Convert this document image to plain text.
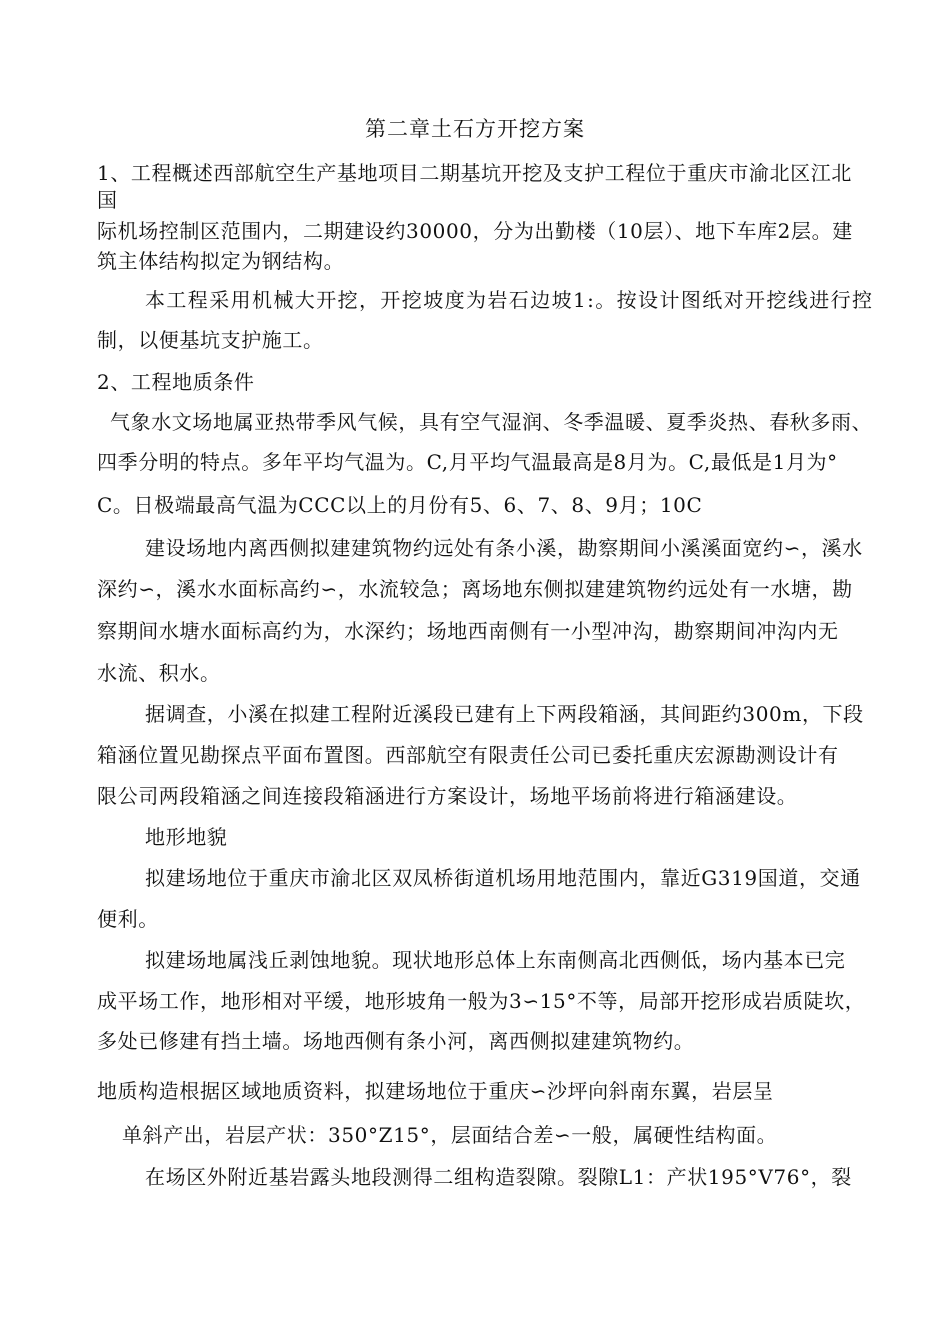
第二章土石方开挖方案
1、工程概述西部航空生产基地项目二期基坑开挖及支护工程位于重庆市渝北区江北
国
际机场控制区范围内，二期建设约30000，分为出勤楼（10层）、地下车库2层。建
筑主体结构拟定为钢结构。
本工程采用机械大开挖，开挖坡度为岩石边坡1:。按设计图纸对开挖线进行控
制，以便基坑支护施工。
2、工程地质条件
气象水文场地属亚热带季风气候，具有空气湿润、冬季温暖、夏季炎热、春秋多雨、
四季分明的特点。多年平均气温为。C,月平均气温最高是8月为。C,最低是1月为°
C。日极端最高气温为CCC以上的月份有5、6、7、8、9月；10C
建设场地内离西侧拟建建筑物约远处有条小溪，勘察期间小溪溪面宽约∽，溪水
深约∽，溪水水面标高约∽，水流较急；离场地东侧拟建建筑物约远处有一水塘，勘
察期间水塘水面标高约为，水深约；场地西南侧有一小型冲沟，勘察期间冲沟内无
水流、积水。
据调查，小溪在拟建工程附近溪段已建有上下两段箱涵，其间距约300m，下段
箱涵位置见勘探点平面布置图。西部航空有限责任公司已委托重庆宏源勘测设计有
限公司两段箱涵之间连接段箱涵进行方案设计，场地平场前将进行箱涵建设。
地形地貌
拟建场地位于重庆市渝北区双凤桥街道机场用地范围内，靠近G319国道，交通
便利。
拟建场地属浅丘剥蚀地貌。现状地形总体上东南侧高北西侧低，场内基本已完
成平场工作，地形相对平缓，地形坡角一般为3∽15°不等，局部开挖形成岩质陡坎，
多处已修建有挡土墙。场地西侧有条小河，离西侧拟建建筑物约。
地质构造根据区域地质资料，拟建场地位于重庆∽沙坪向斜南东翼，岩层呈
单斜产出，岩层产状：350°Z15°，层面结合差∽一般，属硬性结构面。
在场区外附近基岩露头地段测得二组构造裂隙。裂隙L1：产状195°V76°，裂
